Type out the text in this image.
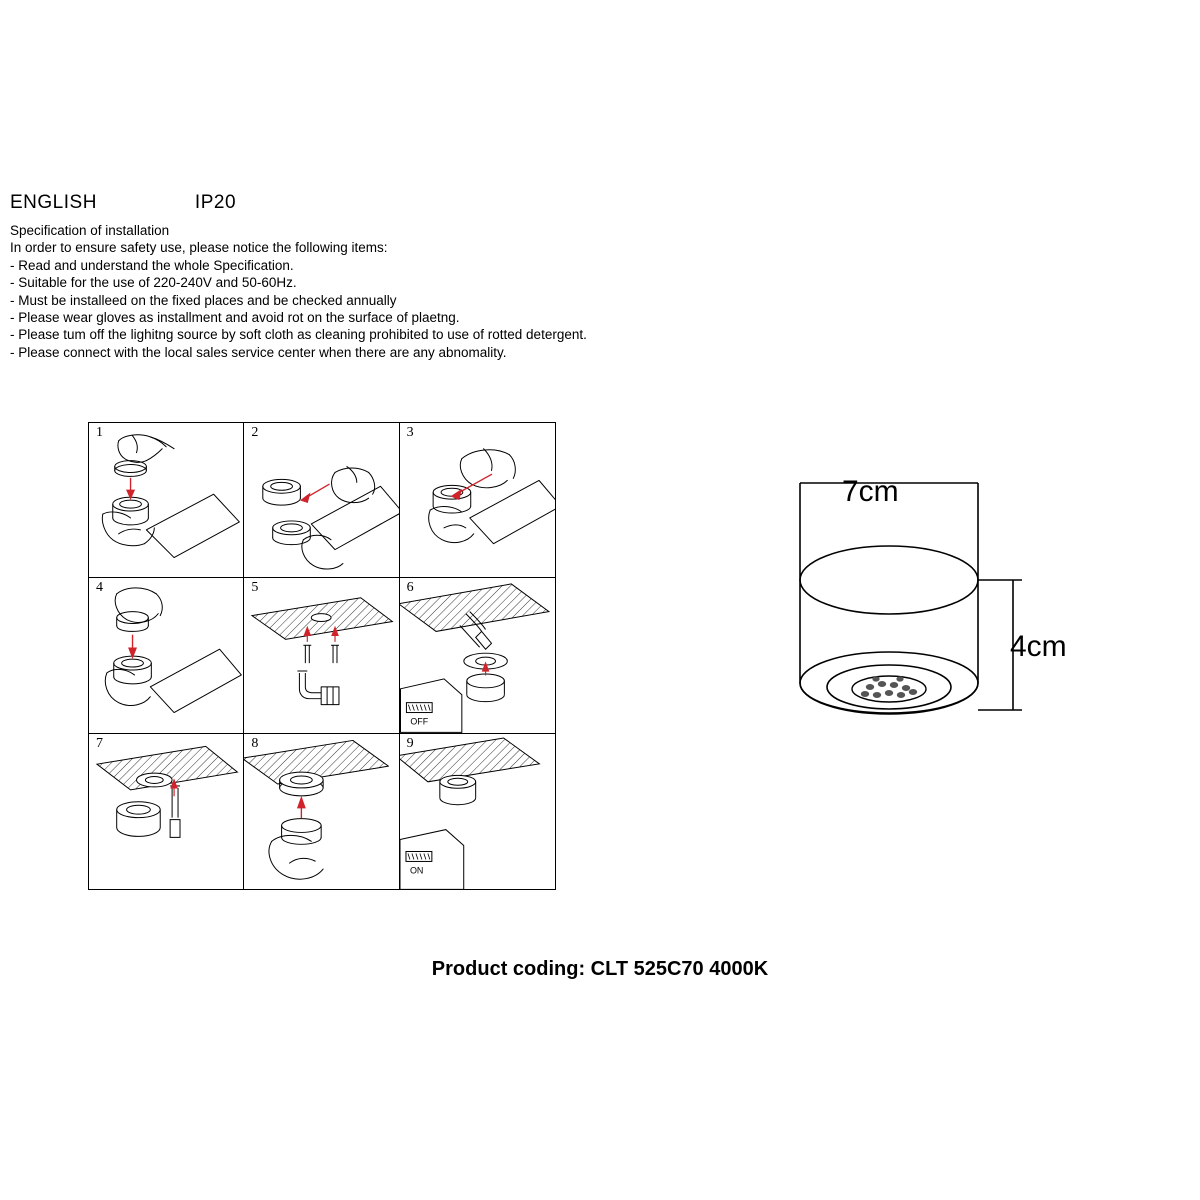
ENGLISH	IP20
Specification of installation
In order to ensure safety use, please notice the following items:
- Read and understand the whole Specification.
- Suitable for the use of 220-240V and 50-60Hz.
- Must be installeed on the fixed places and be checked annually
- Please wear gloves as installment and avoid rot on the surface of plaetng.
- Please tum off the lighitng source by soft cloth as cleaning prohibited to use of rotted detergent.
- Please connect with the local sales service center when there are any abnomality.
1	2	3
4	5	6
OFF
7	8	9
ON
7cm
4cm
Product coding: CLT 525C70 4000K
